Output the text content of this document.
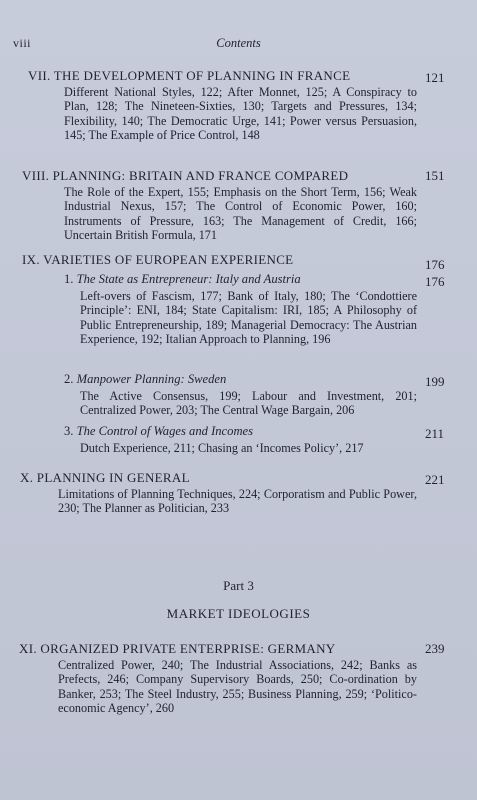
viii	Contents
VII. THE DEVELOPMENT OF PLANNING IN FRANCE	121
Different National Styles, 122; After Monnet, 125; A Conspiracy to Plan, 128; The Nineteen-Sixties, 130; Targets and Pressures, 134; Flexibility, 140; The Democratic Urge, 141; Power versus Persuasion, 145; The Example of Price Control, 148
VIII. PLANNING: BRITAIN AND FRANCE COMPARED	151
The Role of the Expert, 155; Emphasis on the Short Term, 156; Weak Industrial Nexus, 157; The Control of Economic Power, 160; Instruments of Pressure, 163; The Management of Credit, 166; Uncertain British Formula, 171
IX. VARIETIES OF EUROPEAN EXPERIENCE	176
1. The State as Entrepreneur: Italy and Austria	176
Left-overs of Fascism, 177; Bank of Italy, 180; The ‘Condottiere Principle’: ENI, 184; State Capitalism: IRI, 185; A Philosophy of Public Entrepreneurship, 189; Managerial Democracy: The Austrian Experience, 192; Italian Approach to Planning, 196
2. Manpower Planning: Sweden	199
The Active Consensus, 199; Labour and Investment, 201; Centralized Power, 203; The Central Wage Bargain, 206
3. The Control of Wages and Incomes	211
Dutch Experience, 211; Chasing an ‘Incomes Policy’, 217
X. PLANNING IN GENERAL	221
Limitations of Planning Techniques, 224; Corporatism and Public Power, 230; The Planner as Politician, 233
Part 3
MARKET IDEOLOGIES
XI. ORGANIZED PRIVATE ENTERPRISE: GERMANY	239
Centralized Power, 240; The Industrial Associations, 242; Banks as Prefects, 246; Company Supervisory Boards, 250; Co-ordination by Banker, 253; The Steel Industry, 255; Business Planning, 259; ‘Politico-economic Agency’, 260
